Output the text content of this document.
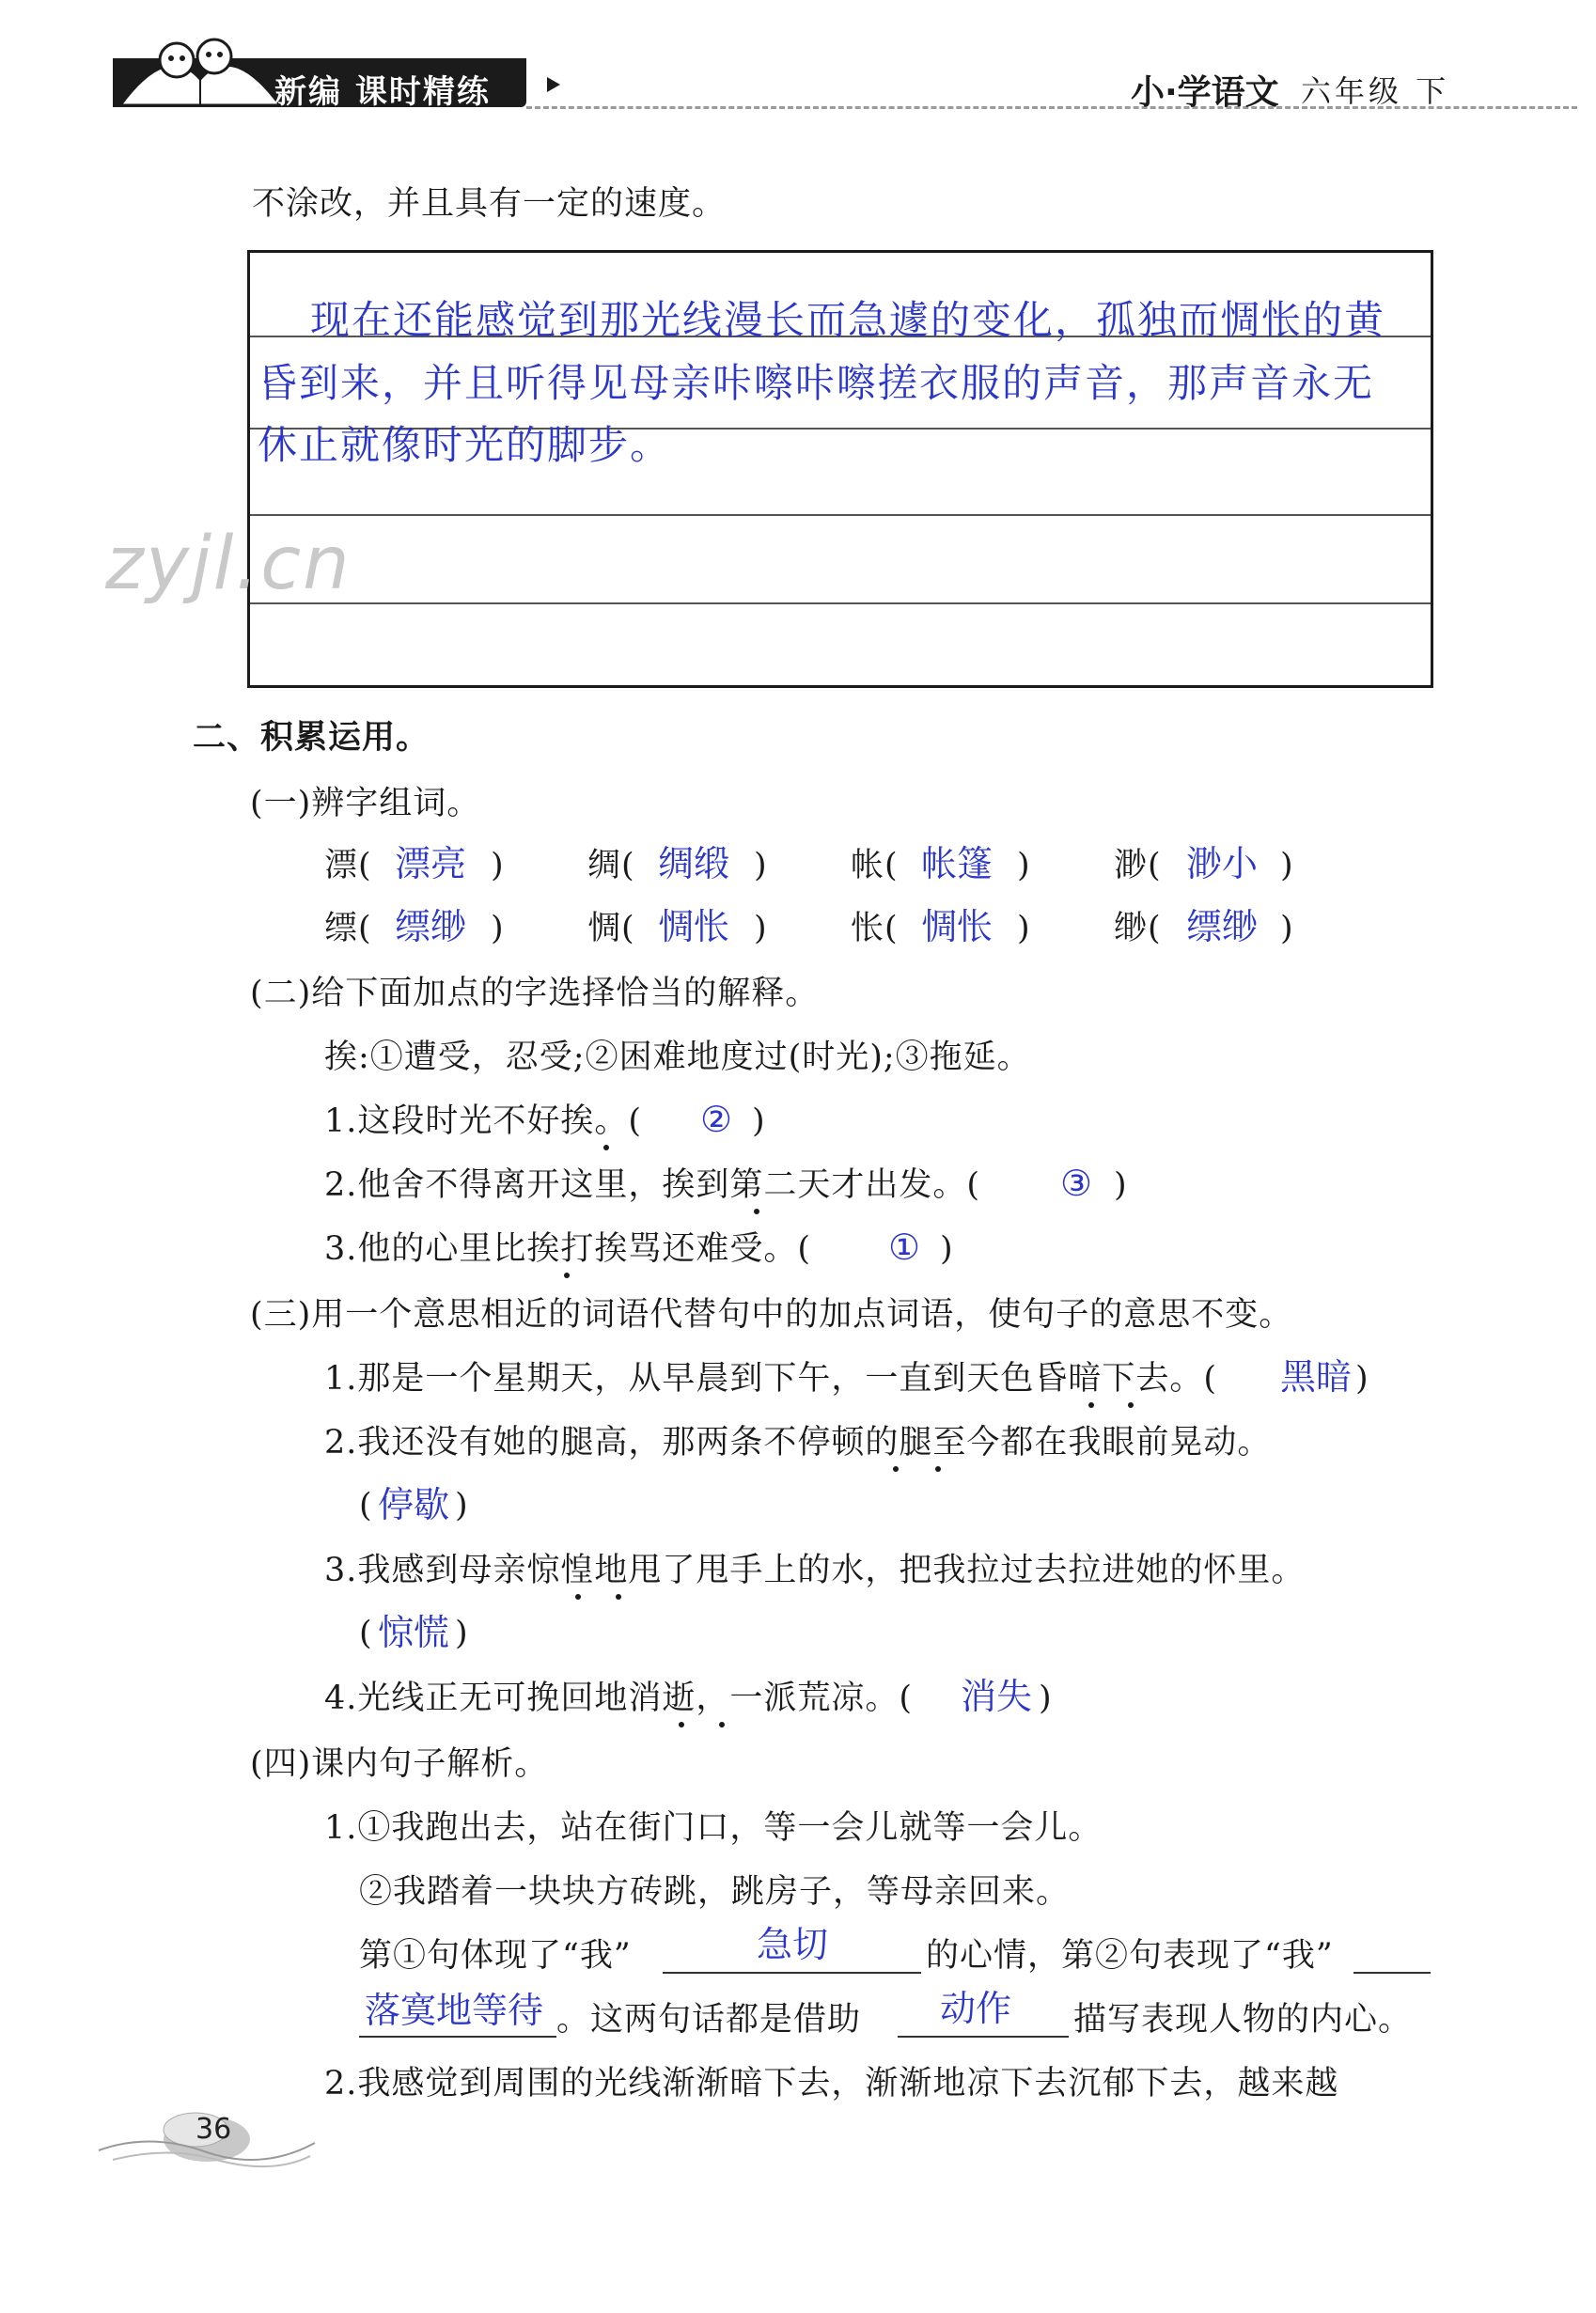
新编 课时精练	小·学语文 六年级 下
不涂改，并且具有一定的速度。
现在还能感觉到那光线漫长而急遽的变化，孤独而惆怅的黄
昏到来，并且听得见母亲咔嚓咔嚓搓衣服的声音，那声音永无
休止就像时光的脚步。
zyjl.cn
二、积累运用。
(一)辨字组词。
漂( 漂亮 )	绸( 绸缎 )	帐( 帐篷 )	渺( 渺小 )
缥( 缥缈 )	惆( 惆怅 )	怅( 惆怅 )	缈( 缥缈 )
(二)给下面加点的字选择恰当的解释。
挨:①遭受，忍受;②困难地度过(时光);③拖延。
1.这段时光不好挨。( ② )
2.他舍不得离开这里，挨到第二天才出发。( ③ )
3.他的心里比挨打挨骂还难受。( ① )
(三)用一个意思相近的词语代替句中的加点词语，使句子的意思不变。
1.那是一个星期天，从早晨到下午，一直到天色昏暗下去。( 黑暗 )
2.我还没有她的腿高，那两条不停顿的腿至今都在我眼前晃动。
( 停歇 )
3.我感到母亲惊惶地甩了甩手上的水，把我拉过去拉进她的怀里。
( 惊慌 )
4.光线正无可挽回地消逝，一派荒凉。( 消失 )
(四)课内句子解析。
1.①我跑出去，站在街门口，等一会儿就等一会儿。
②我踏着一块块方砖跳，跳房子，等母亲回来。
第①句体现了“我”	急切	的心情，第②句表现了“我”
落寞地等待 。这两句话都是借助 动作 描写表现人物的内心。
2.我感觉到周围的光线渐渐暗下去，渐渐地凉下去沉郁下去，越来越
36
